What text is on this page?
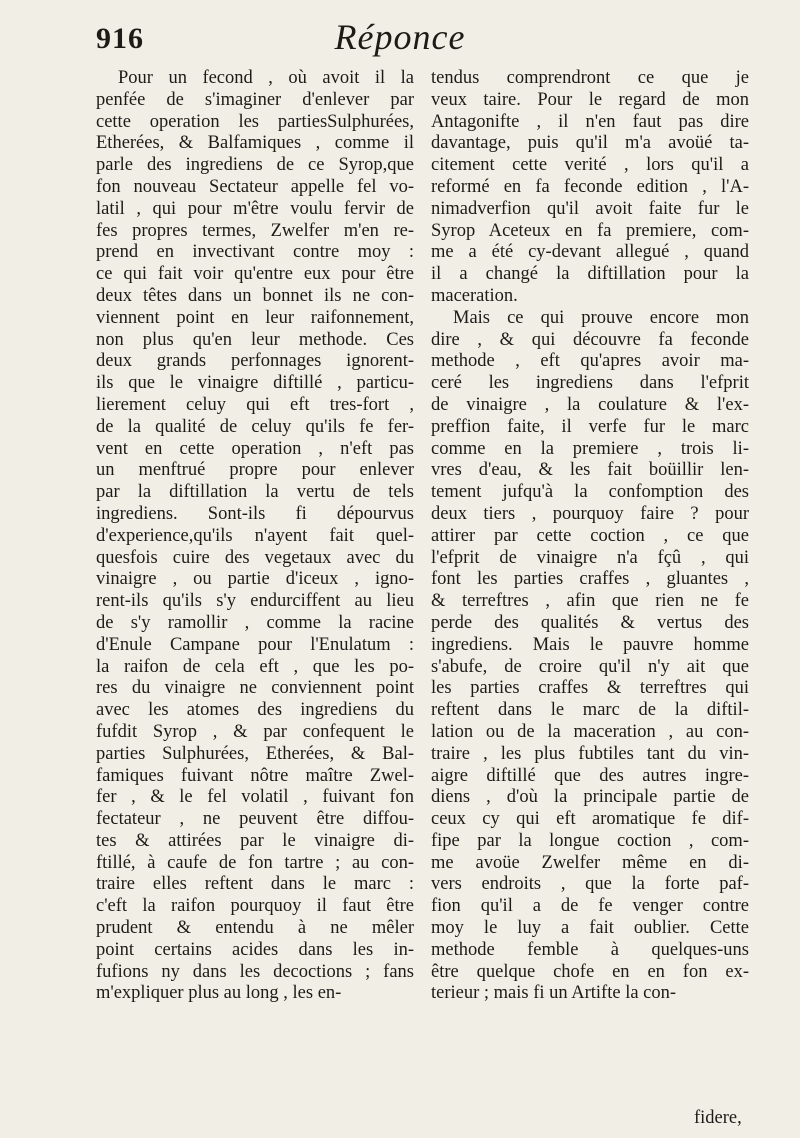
916	Réponce
Pour un fecond , où avoit il la
penfée de s'imaginer d'enlever par
cette operation les partiesSulphurées,
Etherées, & Balfamiques , comme il
parle des ingrediens de ce Syrop,que
fon nouveau Sectateur appelle fel vo-
latil , qui pour m'être voulu fervir de
fes propres termes, Zwelfer m'en re-
prend en invectivant contre moy :
ce qui fait voir qu'entre eux pour être
deux têtes dans un bonnet ils ne con-
viennent point en leur raifonnement,
non plus qu'en leur methode. Ces
deux grands perfonnages ignorent-
ils que le vinaigre diftillé , particu-
lierement celuy qui eft tres-fort ,
de la qualité de celuy qu'ils fe fer-
vent en cette operation , n'eft pas
un menftrué propre pour enlever
par la diftillation la vertu de tels
ingrediens. Sont-ils fi dépourvus
d'experience,qu'ils n'ayent fait quel-
quesfois cuire des vegetaux avec du
vinaigre , ou partie d'iceux , igno-
rent-ils qu'ils s'y endurciffent au lieu
de s'y ramollir , comme la racine
d'Enule Campane pour l'Enulatum :
la raifon de cela eft , que les po-
res du vinaigre ne conviennent point
avec les atomes des ingrediens du
fufdit Syrop , & par confequent le
parties Sulphurées, Etherées, & Bal-
famiques fuivant nôtre maître Zwel-
fer , & le fel volatil , fuivant fon
fectateur , ne peuvent être diffou-
tes & attirées par le vinaigre di-
ftillé, à caufe de fon tartre ; au con-
traire elles reftent dans le marc :
c'eft la raifon pourquoy il faut être
prudent & entendu à ne mêler
point certains acides dans les in-
fufions ny dans les decoctions ; fans
m'expliquer plus au long , les en-
tendus comprendront ce que je
veux taire. Pour le regard de mon
Antagonifte , il n'en faut pas dire
davantage, puis qu'il m'a avoüé ta-
citement cette verité , lors qu'il a
reformé en fa feconde edition , l'A-
nimadverfion qu'il avoit faite fur le
Syrop Aceteux en fa premiere, com-
me a été cy-devant allegué , quand
il a changé la diftillation pour la
maceration.
Mais ce qui prouve encore mon
dire , & qui découvre fa feconde
methode , eft qu'apres avoir ma-
ceré les ingrediens dans l'efprit
de vinaigre , la coulature & l'ex-
preffion faite, il verfe fur le marc
comme en la premiere , trois li-
vres d'eau, & les fait boüillir len-
tement jufqu'à la confomption des
deux tiers , pourquoy faire ? pour
attirer par cette coction , ce que
l'efprit de vinaigre n'a fçû , qui
font les parties craffes , gluantes ,
& terreftres , afin que rien ne fe
perde des qualités & vertus des
ingrediens. Mais le pauvre homme
s'abufe, de croire qu'il n'y ait que
les parties craffes & terreftres qui
reftent dans le marc de la diftil-
lation ou de la maceration , au con-
traire , les plus fubtiles tant du vin-
aigre diftillé que des autres ingre-
diens , d'où la principale partie de
ceux cy qui eft aromatique fe dif-
fipe par la longue coction , com-
me avoüe Zwelfer même en di-
vers endroits , que la forte paf-
fion qu'il a de fe venger contre
moy le luy a fait oublier. Cette
methode femble à quelques-uns
être quelque chofe en en fon ex-
terieur ; mais fi un Artifte la con-
fidere,
